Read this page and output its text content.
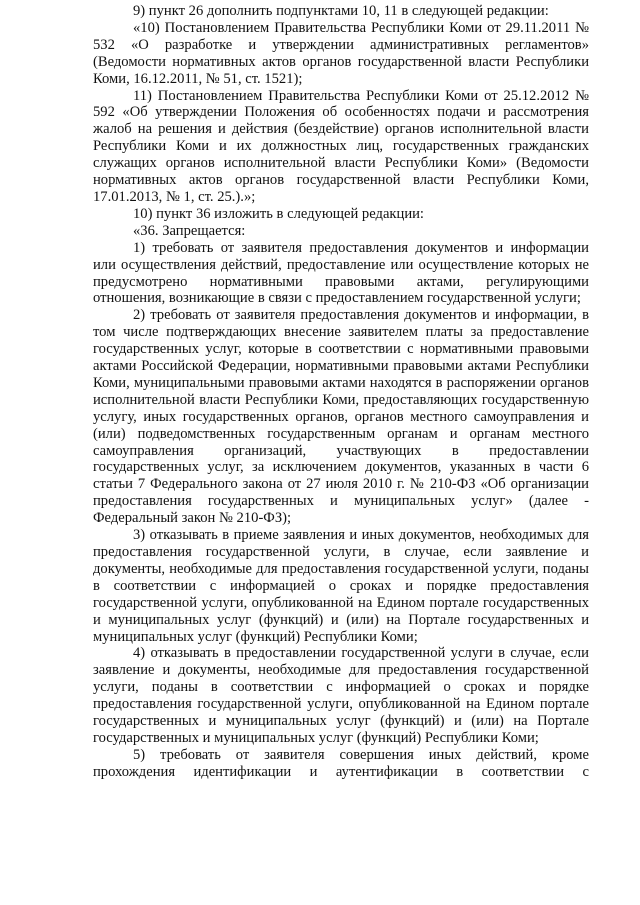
9) пункт 26 дополнить подпунктами 10, 11 в следующей редакции:

«10) Постановлением Правительства Республики Коми от 29.11.2011 № 532 «О разработке и утверждении административных регламентов» (Ведомости нормативных актов органов государственной власти Республики Коми, 16.12.2011, № 51, ст. 1521);

11) Постановлением Правительства Республики Коми от 25.12.2012 № 592 «Об утверждении Положения об особенностях подачи и рассмотрения жалоб на решения и действия (бездействие) органов исполнительной власти Республики Коми и их должностных лиц, государственных гражданских служащих органов исполнительной власти Республики Коми» (Ведомости нормативных актов органов государственной власти Республики Коми, 17.01.2013, № 1, ст. 25.).»;

10) пункт 36 изложить в следующей редакции:

«36. Запрещается:

1) требовать от заявителя предоставления документов и информации или осуществления действий, предоставление или осуществление которых не предусмотрено нормативными правовыми актами, регулирующими отношения, возникающие в связи с предоставлением государственной услуги;

2) требовать от заявителя предоставления документов и информации, в том числе подтверждающих внесение заявителем платы за предоставление государственных услуг, которые в соответствии с нормативными правовыми актами Российской Федерации, нормативными правовыми актами Республики Коми, муниципальными правовыми актами находятся в распоряжении органов исполнительной власти Республики Коми, предоставляющих государственную услугу, иных государственных органов, органов местного самоуправления и (или) подведомственных государственным органам и органам местного самоуправления организаций, участвующих в предоставлении государственных услуг, за исключением документов, указанных в части 6 статьи 7 Федерального закона от 27 июля 2010 г. № 210-ФЗ «Об организации предоставления государственных и муниципальных услуг» (далее - Федеральный закон № 210-ФЗ);

3) отказывать в приеме заявления и иных документов, необходимых для предоставления государственной услуги, в случае, если заявление и документы, необходимые для предоставления государственной услуги, поданы в соответствии с информацией о сроках и порядке предоставления государственной услуги, опубликованной на Едином портале государственных и муниципальных услуг (функций) и (или) на Портале государственных и муниципальных услуг (функций) Республики Коми;

4) отказывать в предоставлении государственной услуги в случае, если заявление и документы, необходимые для предоставления государственной услуги, поданы в соответствии с информацией о сроках и порядке предоставления государственной услуги, опубликованной на Едином портале государственных и муниципальных услуг (функций) и (или) на Портале государственных и муниципальных услуг (функций) Республики Коми;

5) требовать от заявителя совершения иных действий, кроме прохождения идентификации и аутентификации в соответствии с
